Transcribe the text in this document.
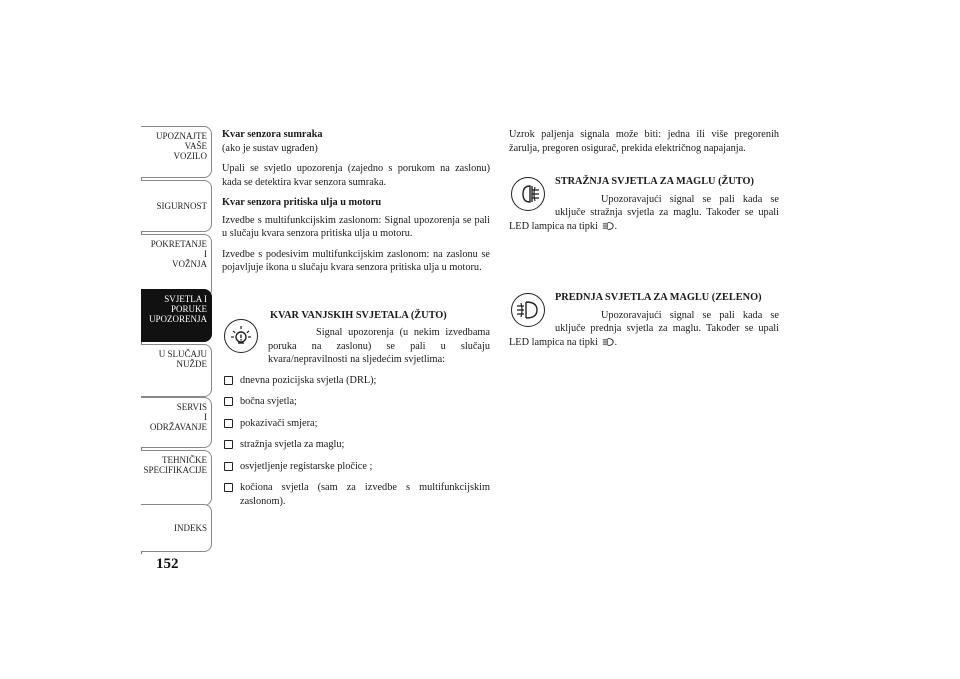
UPOZNAJTE
VAŠE
VOZILO
SIGURNOST
POKRETANJE
I
VOŽNJA
SVJETLA I
PORUKE
UPOZORENJA
U SLUČAJU
NUŽDE
SERVIS
I
ODRŽAVANJE
TEHNIČKE
SPECIFIKACIJE
INDEKS
152

Kvar senzora sumraka

(ako je sustav ugrađen)

Upali se svjetlo upozorenja (zajedno s porukom na zaslonu) kada se detektira kvar senzora sumraka.

Kvar senzora pritiska ulja u motoru

Izvedbe s multifunkcijskim zaslonom: Signal upozorenja se pali u slučaju kvara senzora pritiska ulja u motoru.

Izvedbe s podesivim multifunkcijskim zaslonom: na zaslonu se pojavljuje ikona u slučaju kvara senzora pritiska ulja u motoru.

KVAR VANJSKIH SVJETALA (ŽUTO)

Signal upozorenja (u nekim izvedbama poruka na zaslonu) se pali u slučaju kvara/nepravilnosti na sljedećim svjetlima:

dnevna pozicijska svjetla (DRL);
bočna svjetla;
pokazivači smjera;
stražnja svjetla za maglu;
osvjetljenje registarske pločice ;
kočiona svjetla (sam za izvedbe s multifunkcijskim zaslonom).

Uzrok paljenja signala može biti: jedna ili više pregorenih žarulja, pregoren osigurač, prekida električnog napajanja.

STRAŽNJA SVJETLA ZA MAGLU (ŽUTO)

Upozoravajući signal se pali kada se uključe stražnja svjetla za maglu. Također se upali LED lampica na tipki .

PREDNJA SVJETLA ZA MAGLU (ZELENO)

Upozoravajući signal se pali kada se uključe prednja svjetla za maglu. Također se upali LED lampica na tipki .
